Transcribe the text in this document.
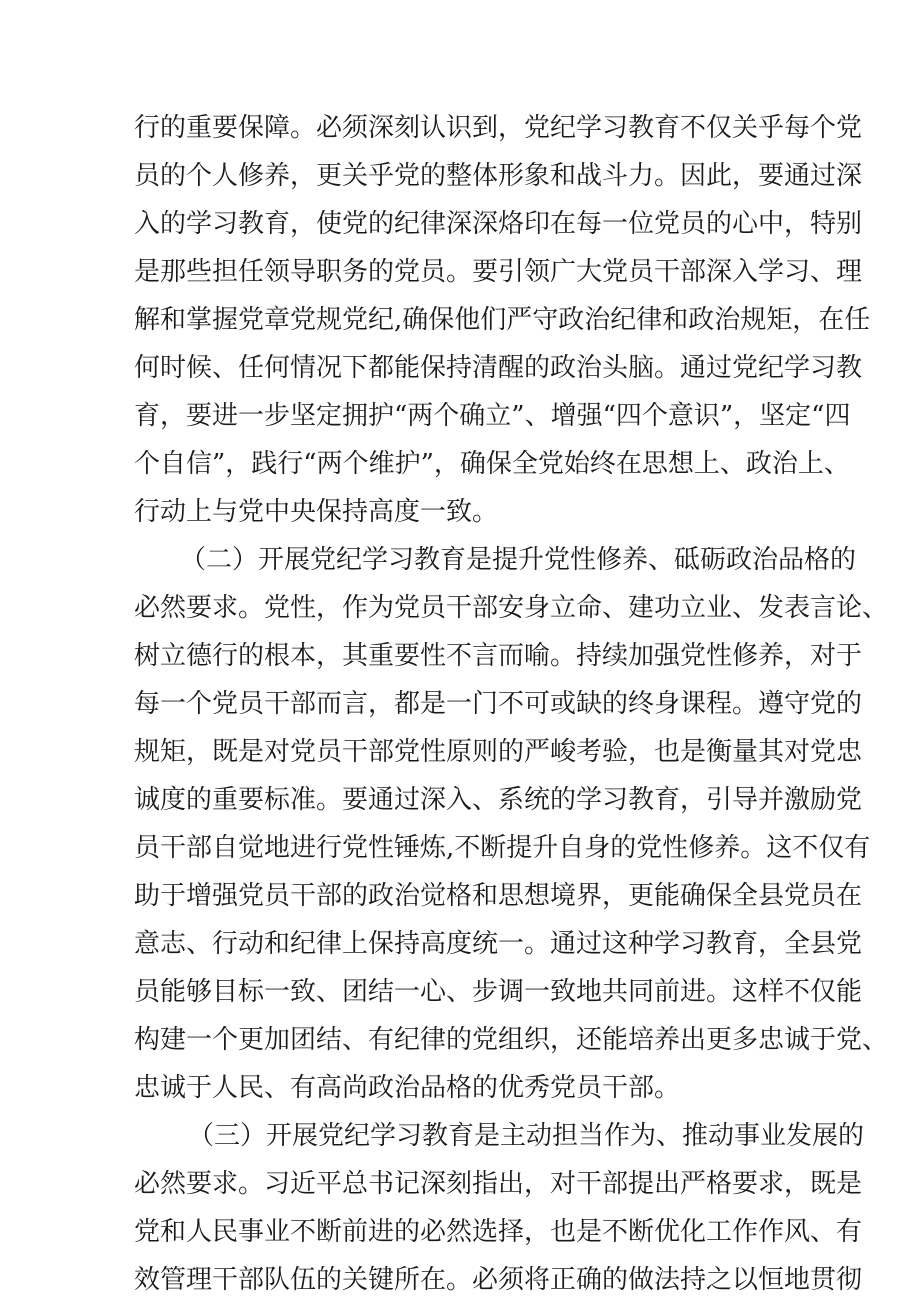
行的重要保障。必须深刻认识到，党纪学习教育不仅关乎每个党

员的个人修养，更关乎党的整体形象和战斗力。因此，要通过深

入的学习教育，使党的纪律深深烙印在每一位党员的心中，特别

是那些担任领导职务的党员。要引领广大党员干部深入学习、理

解和掌握党章党规党纪,确保他们严守政治纪律和政治规矩，在任

何时候、任何情况下都能保持清醒的政治头脑。通过党纪学习教

育，要进一步坚定拥护“两个确立”、增强“四个意识”，坚定“四

个自信”，践行“两个维护”，确保全党始终在思想上、政治上、

行动上与党中央保持高度一致。

（二）开展党纪学习教育是提升党性修养、砥砺政治品格的

必然要求。党性，作为党员干部安身立命、建功立业、发表言论、

树立德行的根本，其重要性不言而喻。持续加强党性修养，对于

每一个党员干部而言，都是一门不可或缺的终身课程。遵守党的

规矩，既是对党员干部党性原则的严峻考验，也是衡量其对党忠

诚度的重要标准。要通过深入、系统的学习教育，引导并激励党

员干部自觉地进行党性锤炼,不断提升自身的党性修养。这不仅有

助于增强党员干部的政治觉格和思想境界，更能确保全县党员在

意志、行动和纪律上保持高度统一。通过这种学习教育，全县党

员能够目标一致、团结一心、步调一致地共同前进。这样不仅能

构建一个更加团结、有纪律的党组织，还能培养出更多忠诚于党、

忠诚于人民、有高尚政治品格的优秀党员干部。

（三）开展党纪学习教育是主动担当作为、推动事业发展的

必然要求。习近平总书记深刻指出，对干部提出严格要求，既是

党和人民事业不断前进的必然选择，也是不断优化工作作风、有

效管理干部队伍的关键所在。必须将正确的做法持之以恒地贯彻
